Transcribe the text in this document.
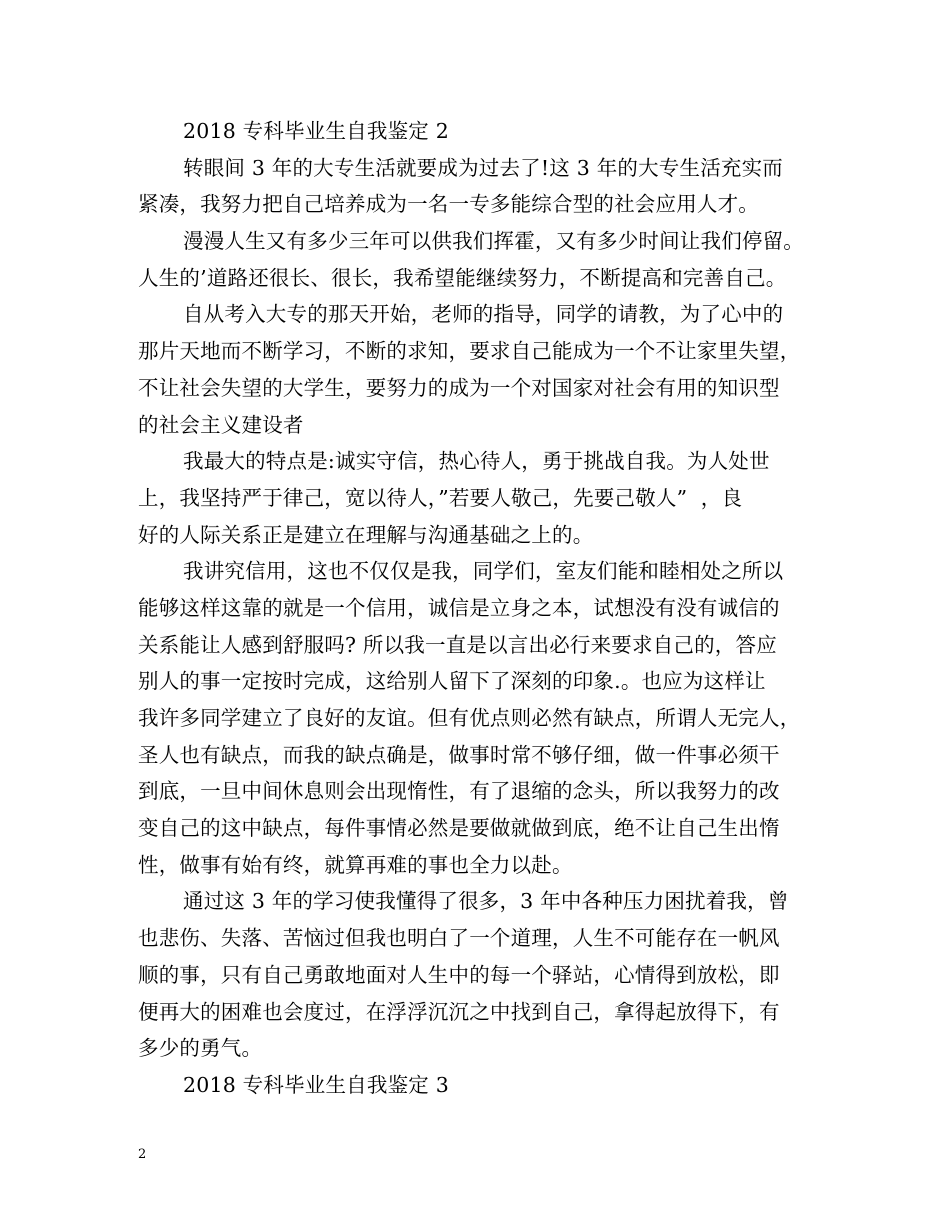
2018 专科毕业生自我鉴定 2
转眼间 3 年的大专生活就要成为过去了!这 3 年的大专生活充实而
紧凑，我努力把自己培养成为一名一专多能综合型的社会应用人才。
漫漫人生又有多少三年可以供我们挥霍，又有多少时间让我们停留。
人生的’道路还很长、很长，我希望能继续努力，不断提高和完善自己。
自从考入大专的那天开始，老师的指导，同学的请教，为了心中的
那片天地而不断学习，不断的求知，要求自己能成为一个不让家里失望，
不让社会失望的大学生，要努力的成为一个对国家对社会有用的知识型
的社会主义建设者
我最大的特点是:诚实守信，热心待人，勇于挑战自我。为人处世
上，我坚持严于律己，宽以待人，”若要人敬己，先要己敬人”  ，良
好的人际关系正是建立在理解与沟通基础之上的。
我讲究信用，这也不仅仅是我，同学们，室友们能和睦相处之所以
能够这样这靠的就是一个信用，诚信是立身之本，试想没有没有诚信的
关系能让人感到舒服吗? 所以我一直是以言出必行来要求自己的，答应
别人的事一定按时完成，这给别人留下了深刻的印象.。也应为这样让
我许多同学建立了良好的友谊。但有优点则必然有缺点，所谓人无完人，
圣人也有缺点，而我的缺点确是，做事时常不够仔细，做一件事必须干
到底，一旦中间休息则会出现惰性，有了退缩的念头，所以我努力的改
变自己的这中缺点，每件事情必然是要做就做到底，绝不让自己生出惰
性，做事有始有终，就算再难的事也全力以赴。
通过这 3 年的学习使我懂得了很多，3 年中各种压力困扰着我，曾
也悲伤、失落、苦恼过但我也明白了一个道理，人生不可能存在一帆风
顺的事，只有自己勇敢地面对人生中的每一个驿站，心情得到放松，即
便再大的困难也会度过，在浮浮沉沉之中找到自己，拿得起放得下，有
多少的勇气。
2018 专科毕业生自我鉴定 3
2
